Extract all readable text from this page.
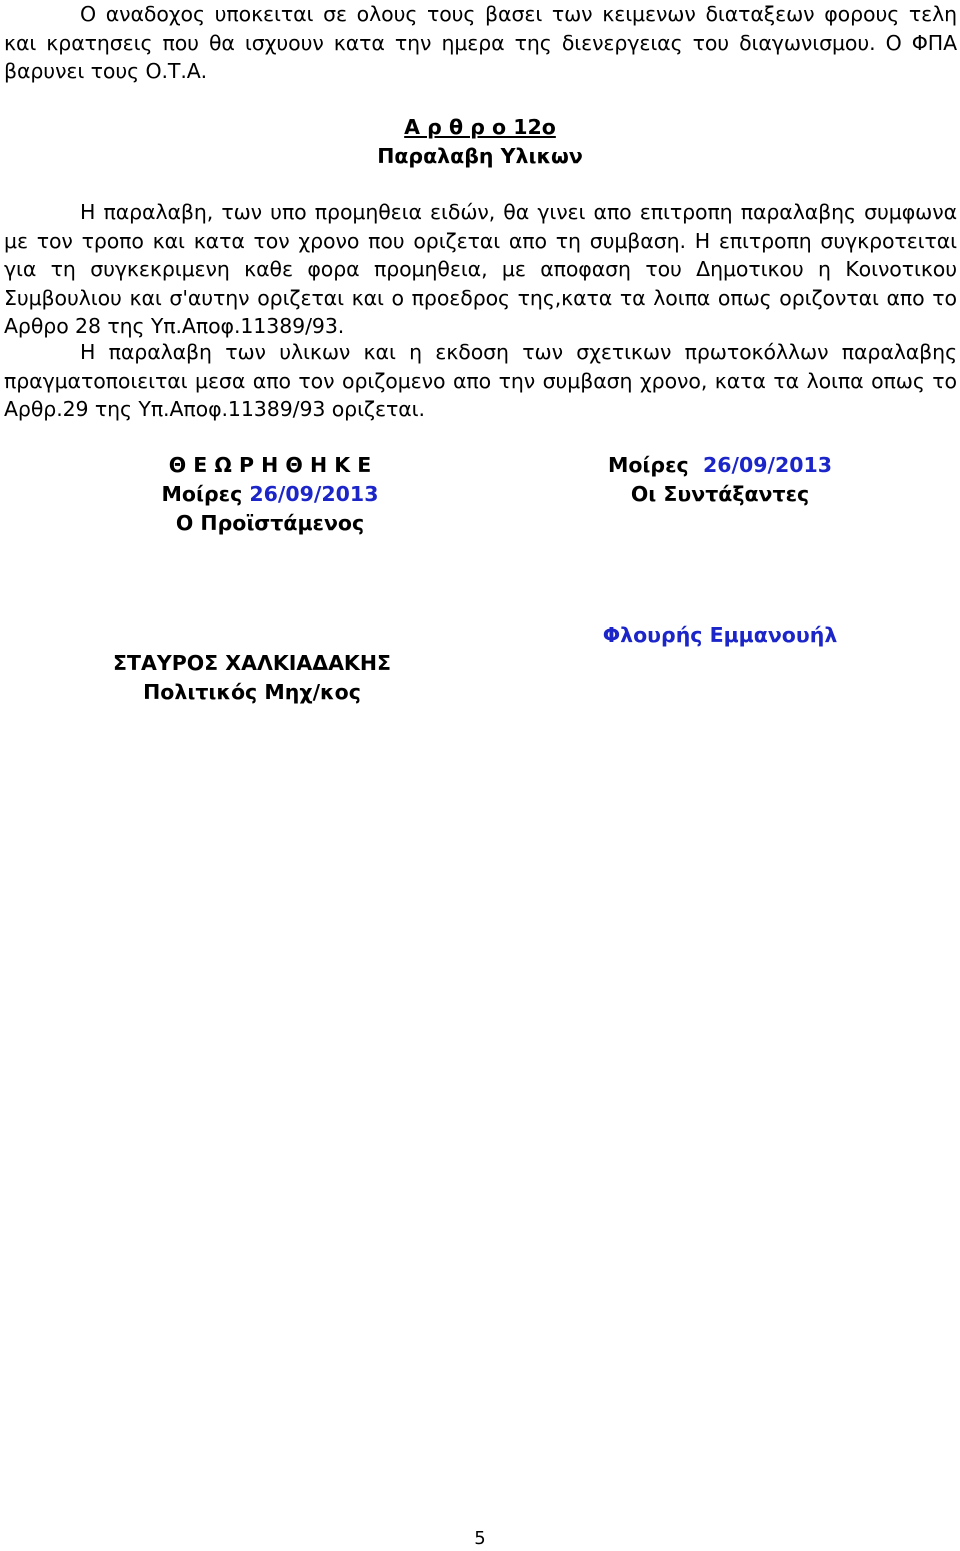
Ο αναδοχος υποκειται σε ολους τους βασει των κειμενων διαταξεων φορους τελη και κρατησεις που θα ισχυουν κατα την ημερα της διενεργειας του διαγωνισμου. Ο ΦΠΑ βαρυνει τους Ο.Τ.Α.
Α ρ θ ρ ο 12ο
Παραλαβη Υλικων
Η παραλαβη, των υπο προμηθεια ειδών, θα γινει απο επιτροπη παραλαβης συμφωνα με τον τροπο και κατα τον χρονο που οριζεται απο τη συμβαση. Η επιτροπη συγκροτειται για τη συγκεκριμενη καθε φορα προμηθεια, με αποφαση του Δημοτικου η Κοινοτικου Συμβουλιου και σ'αυτην οριζεται και ο προεδρος της,κατα τα λοιπα οπως οριζονται απο το Αρθρο 28 της Υπ.Αποφ.11389/93.
Η παραλαβη των υλικων και η εκδοση των σχετικων πρωτοκόλλων παραλαβης πραγματοποιειται μεσα απο τον οριζομενο απο την συμβαση χρονο, κατα τα λοιπα οπως το Αρθρ.29 της Υπ.Αποφ.11389/93 οριζεται.
Θ Ε Ω Ρ Η Θ Η Κ Ε
Μοίρες 26/09/2013
Ο Προϊστάμενος
Μοίρες 26/09/2013
Οι Συντάξαντες
Φλουρής Εμμανουήλ
ΣΤΑΥΡΟΣ ΧΑΛΚΙΑΔΑΚΗΣ
Πολιτικός Μηχ/κος
5
